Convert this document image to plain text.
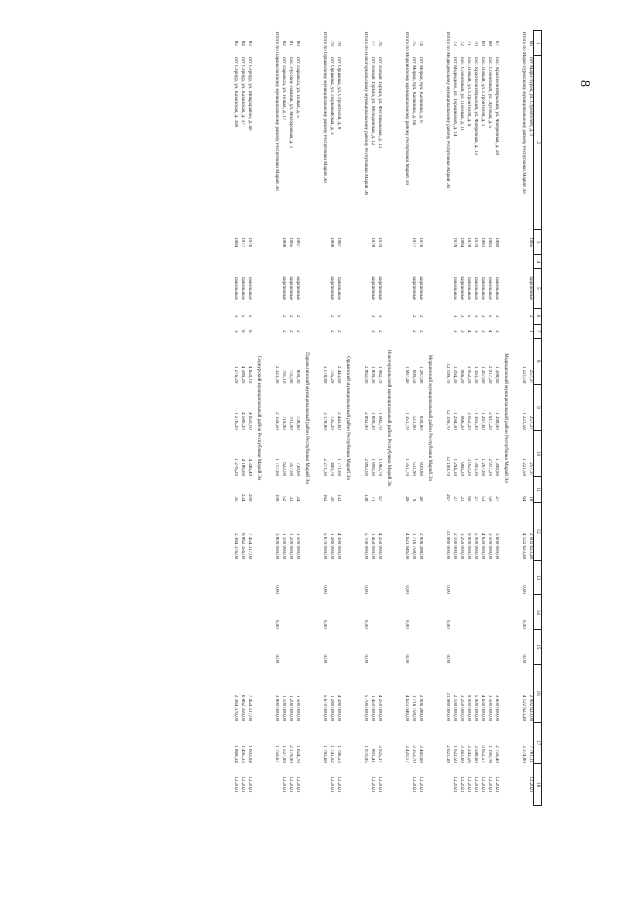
8
1	2	3	4	5	6	7	8	9	10	11	12	13	14	15	16	17	18
66	пгт Мари-Турек, ул. Строителей, д. 3	1965		кирпичные	2	1	257,37	257,37	257,37	18	2 002 623,40				2 002 623,00	7 781,11	12.2021
Итого по Мари-Турекскому муниципальному району Республики Марий Эл							1 221,59	1 221,59	1 221,59	64	4 122 623,40	0,00	0,00	0,00	4 122 623,40	3 374,80	

Медведевский муниципальный район Республики Марий Эл																	
67	пос. Краснооктябрьский, ул. Фабричная, д. 28	1980		панельные	3	3	1 398,90	1 398,90	1 398,90	27	3 600 000,00				3 600 000,00	2 759,40	12.2021
68	пос. Солнечный, ул. Луговая, д. 5	1983		панельные	5	4	2 917,20	2 917,20	2 917,20	50	3 500 000,00				3 500 000,00	1 199,78	12.2021
69	пос. Новый, ул. Строителей, д. 1	1983		панельные	3	3	1 267,60	1 267,60	1 267,60	53	4 630 000,00				4 630 000,00	3 652,57	12.2021
70	пос. Краснооктябрьский, ул. Фабричная, д. 13	1979		панельные	3	3	1 393,30	1 393,30	1 393,30	27	5 000 000,00				5 000 000,00	3 588,60	12.2021
71	пос. Новый, ул. Строителей, д. 6	1978		панельные	5	4	3 052,20	3 052,20	3 052,20	60	9 900 000,00				9 900 000,00	3 243,56	12.2021
72	пос. Солнечный, ул. Полевая, д. 11	1984		кирпичные	3	3	966,20	966,20	966,20	23	3 250 000,00				3 250 000,00	3 363,69	12.2021
73	пгт Медведево, ул. Терешковой, д. 14	1978		панельные	3	3	1 294,30	1 294,30	1 294,30	27	2 100 000,00				2 100 000,00	1 622,50	12.2021
Итого по Медведевскому муниципальному району Республики Марий Эл							12 199,70	12 199,70	12 199,70	267	31 980 000,00	0,00	0,00	0,00	31 980 000,00	2 621,38	

Моркинский муниципальный район Республики Марий Эл																	
74	пгт Морки, бул. Калинина, д. 6	1976		кирпичные	2	2	1 287,90	839,80	839,80	40	2 906 288,00				2 906 288,00	3 460,69	12.2021
75	пгт Морки, бул. Калинина, д. 66	1977		кирпичные	2	2	699,50	511,90	511,90	9	1 716 758,00				1 716 758,00	3 353,70	12.2021
Итого по Моркинскому муниципальному району Республики Марий Эл							1 987,40	1 351,70	1 351,70	49	4 623 046,00	0,00	0,00	0,00	4 623 046,00	3 420,17	

Новоторъяльский муниципальный район Республики Марий Эл																	
76	пгт Новый Торъял, ул. Фестивальная, д. 13	1979		кирпичные	3	2	1 082,70	1 082,70	1 082,70	67	4 250 000,00				4 250 000,00	3 925,37	12.2021
77	пгт Новый Торъял, ул. Молодежная, д. 12	1978		кирпичные	3	3	1 809,30	1 809,30	1 809,30	71	1 450 000,00				1 450 000,00	801,41	12.2021
Итого по Новоторъяльскому муниципальному району Республики Марий Эл							2 892,00	2 892,00	2 892,00	138	5 700 000,00	0,00	0,00	0,00	5 700 000,00	1 970,95	

Оршанский муниципальный район Республики Марий Эл																	
78	пгт Оршанка, ул. Строителей, д. 8	1987		панельные	5	2	2 443,60	2 443,60	1 771,60	132	4 390 000,00				4 390 000,00	1 796,53	12.2021
79	пгт Оршанка, ул. Первомайская, д. 3	1968		кирпичные	2	2	735,20	735,20	499,70	30	1 280 000,00				1 280 000,00	1 741,02	12.2021
Итого по Оршанскому муниципальному району Республики Марий Эл							3 178,80	3 178,80	2 271,30	162	5 670 000,00	0,00	0,00	0,00	5 670 000,00	1 783,69	

Параньгинский муниципальный район Республики Марий Эл																	
80	пгт Параньга, ул. Новая, д. 5	1967		кирпичные	2	2	800,30	738,60	738,60	24	1 500 000,00				1 500 000,00	1 624,70	12.2021
81	пос. Русские Памачи, ул. Молодежная, д. 1	1965		кирпичные	2	2	731,90	701,00	357,00	33	1 200 000,00				1 200 000,00	2 179,90	12.2021
82	пгт Параньга, ул. Новая, д. 17	1968		кирпичные	2	2	791,10	719,90	622,00	52	1 100 000,00				1 100 000,00	1 527,99	12.2021
Итого по Параньгинскому муниципальному району Республики Марий Эл							2 323,30	2 159,50	1 717,60	109	3 800 000,00	0,00	0,00	0,00	3 800 000,00	1 759,67	

Сернурский муниципальный район Республики Марий Эл																	
83	пгт Сернур, ул. Микрорайон, д. 40	1976		панельные	5	6	4 650,10	4 650,10	4 346,40	200	7 454 317,00				7 454 317,00	1 603,04	12.2021
84	пгт Сернур, ул. Казанская, д. 37	1977		панельные	5	6	4 589,20	4 589,20	4 186,60	234	6 862 356,00				6 862 356,00	1 495,33	12.2021
85	пгт Сернур, ул. Казанская, д. 39б	1984		панельные	3	3	1 276,20	1 276,20	1 276,20	35	2 384 376,00				2 384 376,00	1 868,34	12.2021
